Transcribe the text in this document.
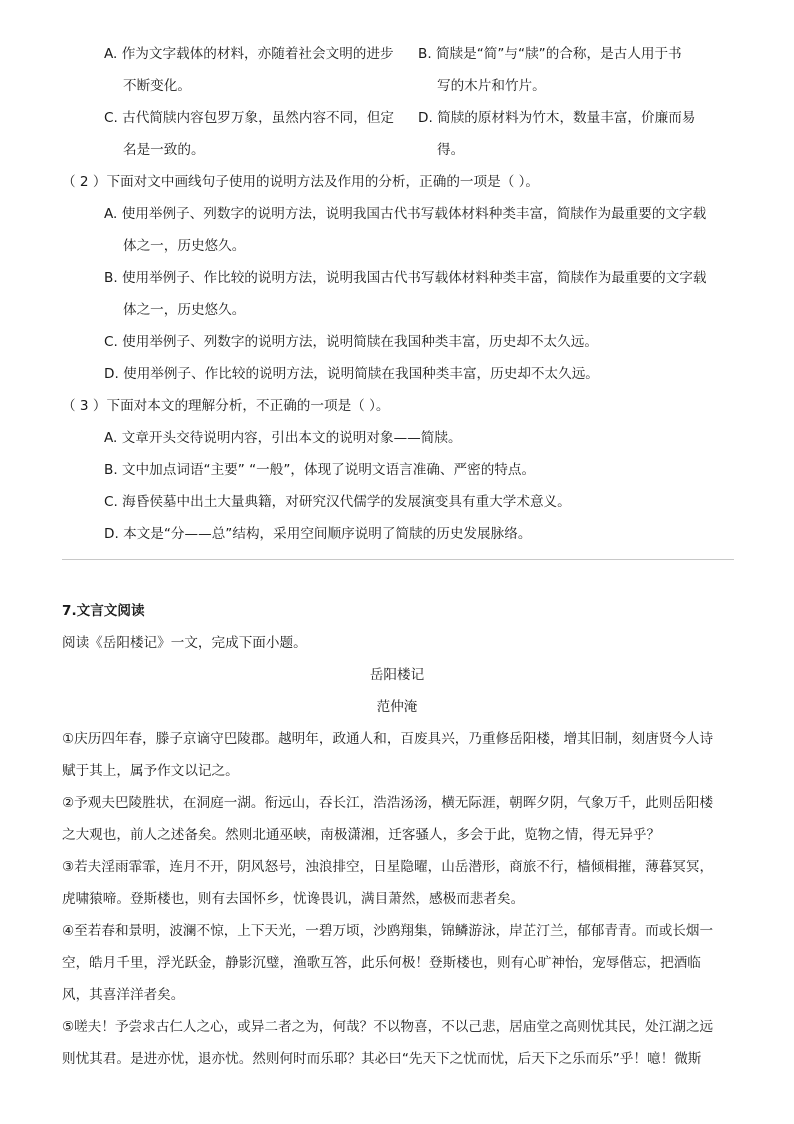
A. 作为文字载体的材料，亦随着社会文明的进步
不断变化。
B. 简牍是“简”与“牍”的合称，是古人用于书
写的木片和竹片。
C. 古代简牍内容包罗万象，虽然内容不同，但定
名是一致的。
D. 简牍的原材料为竹木，数量丰富，价廉而易
得。
（ 2 ）下面对文中画线句子使用的说明方法及作用的分析，正确的一项是（ ）。
A. 使用举例子、列数字的说明方法，说明我国古代书写载体材料种类丰富，简牍作为最重要的文字载
体之一，历史悠久。
B. 使用举例子、作比较的说明方法，说明我国古代书写载体材料种类丰富，简牍作为最重要的文字载
体之一，历史悠久。
C. 使用举例子、列数字的说明方法，说明简牍在我国种类丰富，历史却不太久远。
D. 使用举例子、作比较的说明方法，说明简牍在我国种类丰富，历史却不太久远。
（ 3 ）下面对本文的理解分析，不正确的一项是（ ）。
A. 文章开头交待说明内容，引出本文的说明对象——简牍。
B. 文中加点词语“主要” “一般”，体现了说明文语言准确、严密的特点。
C. 海昏侯墓中出土大量典籍，对研究汉代儒学的发展演变具有重大学术意义。
D. 本文是“分——总”结构，采用空间顺序说明了简牍的历史发展脉络。
7.文言文阅读
阅读《岳阳楼记》一文，完成下面小题。
岳阳楼记
范仲淹
①庆历四年春，滕子京谪守巴陵郡。越明年，政通人和，百废具兴，乃重修岳阳楼，增其旧制，刻唐贤今人诗
赋于其上，属予作文以记之。
②予观夫巴陵胜状，在洞庭一湖。衔远山，吞长江，浩浩汤汤，横无际涯，朝晖夕阴，气象万千，此则岳阳楼
之大观也，前人之述备矣。然则北通巫峡，南极潇湘，迁客骚人，多会于此，览物之情，得无异乎？
③若夫淫雨霏霏，连月不开，阴风怒号，浊浪排空，日星隐曜，山岳潜形，商旅不行，樯倾楫摧，薄暮冥冥，
虎啸猿啼。登斯楼也，则有去国怀乡，忧谗畏讥，满目萧然，感极而悲者矣。
④至若春和景明，波澜不惊，上下天光，一碧万顷，沙鸥翔集，锦鳞游泳，岸芷汀兰，郁郁青青。而或长烟一
空，皓月千里，浮光跃金，静影沉璧，渔歌互答，此乐何极！登斯楼也，则有心旷神怡，宠辱偕忘，把酒临
风，其喜洋洋者矣。
⑤嗟夫！予尝求古仁人之心，或异二者之为，何哉？不以物喜，不以己悲，居庙堂之高则忧其民，处江湖之远
则忧其君。是进亦忧，退亦忧。然则何时而乐耶？其必曰“先天下之忧而忧，后天下之乐而乐”乎！噫！微斯
